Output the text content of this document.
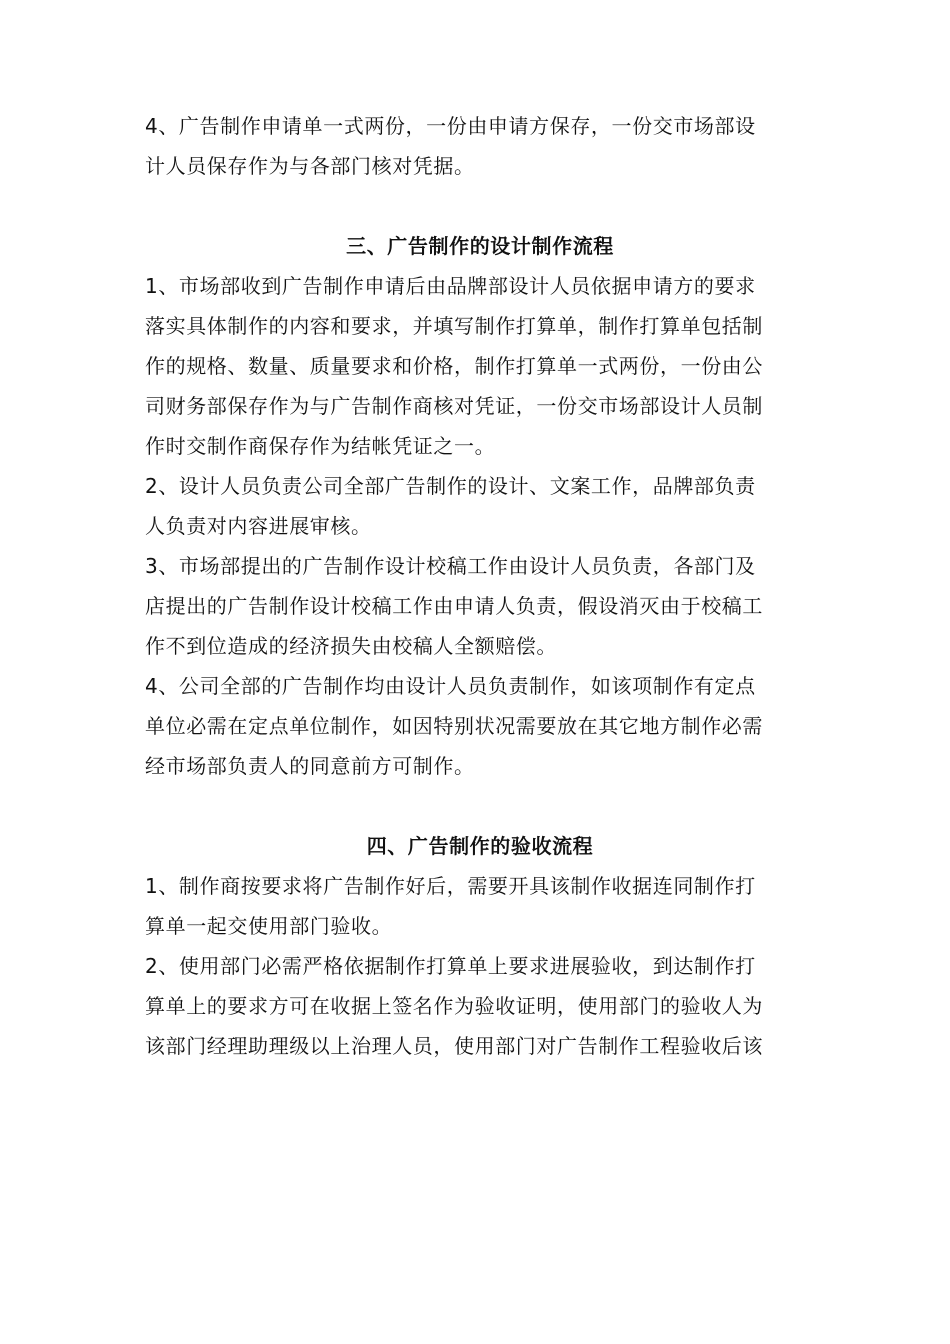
4、广告制作申请单一式两份，一份由申请方保存，一份交市场部设
计人员保存作为与各部门核对凭据。
三、广告制作的设计制作流程
1、市场部收到广告制作申请后由品牌部设计人员依据申请方的要求
落实具体制作的内容和要求，并填写制作打算单，制作打算单包括制
作的规格、数量、质量要求和价格，制作打算单一式两份，一份由公
司财务部保存作为与广告制作商核对凭证，一份交市场部设计人员制
作时交制作商保存作为结帐凭证之一。
2、设计人员负责公司全部广告制作的设计、文案工作，品牌部负责
人负责对内容进展审核。
3、市场部提出的广告制作设计校稿工作由设计人员负责，各部门及
店提出的广告制作设计校稿工作由申请人负责，假设消灭由于校稿工
作不到位造成的经济损失由校稿人全额赔偿。
4、公司全部的广告制作均由设计人员负责制作，如该项制作有定点
单位必需在定点单位制作，如因特别状况需要放在其它地方制作必需
经市场部负责人的同意前方可制作。
四、广告制作的验收流程
1、制作商按要求将广告制作好后，需要开具该制作收据连同制作打
算单一起交使用部门验收。
2、使用部门必需严格依据制作打算单上要求进展验收，到达制作打
算单上的要求方可在收据上签名作为验收证明，使用部门的验收人为
该部门经理助理级以上治理人员，使用部门对广告制作工程验收后该
